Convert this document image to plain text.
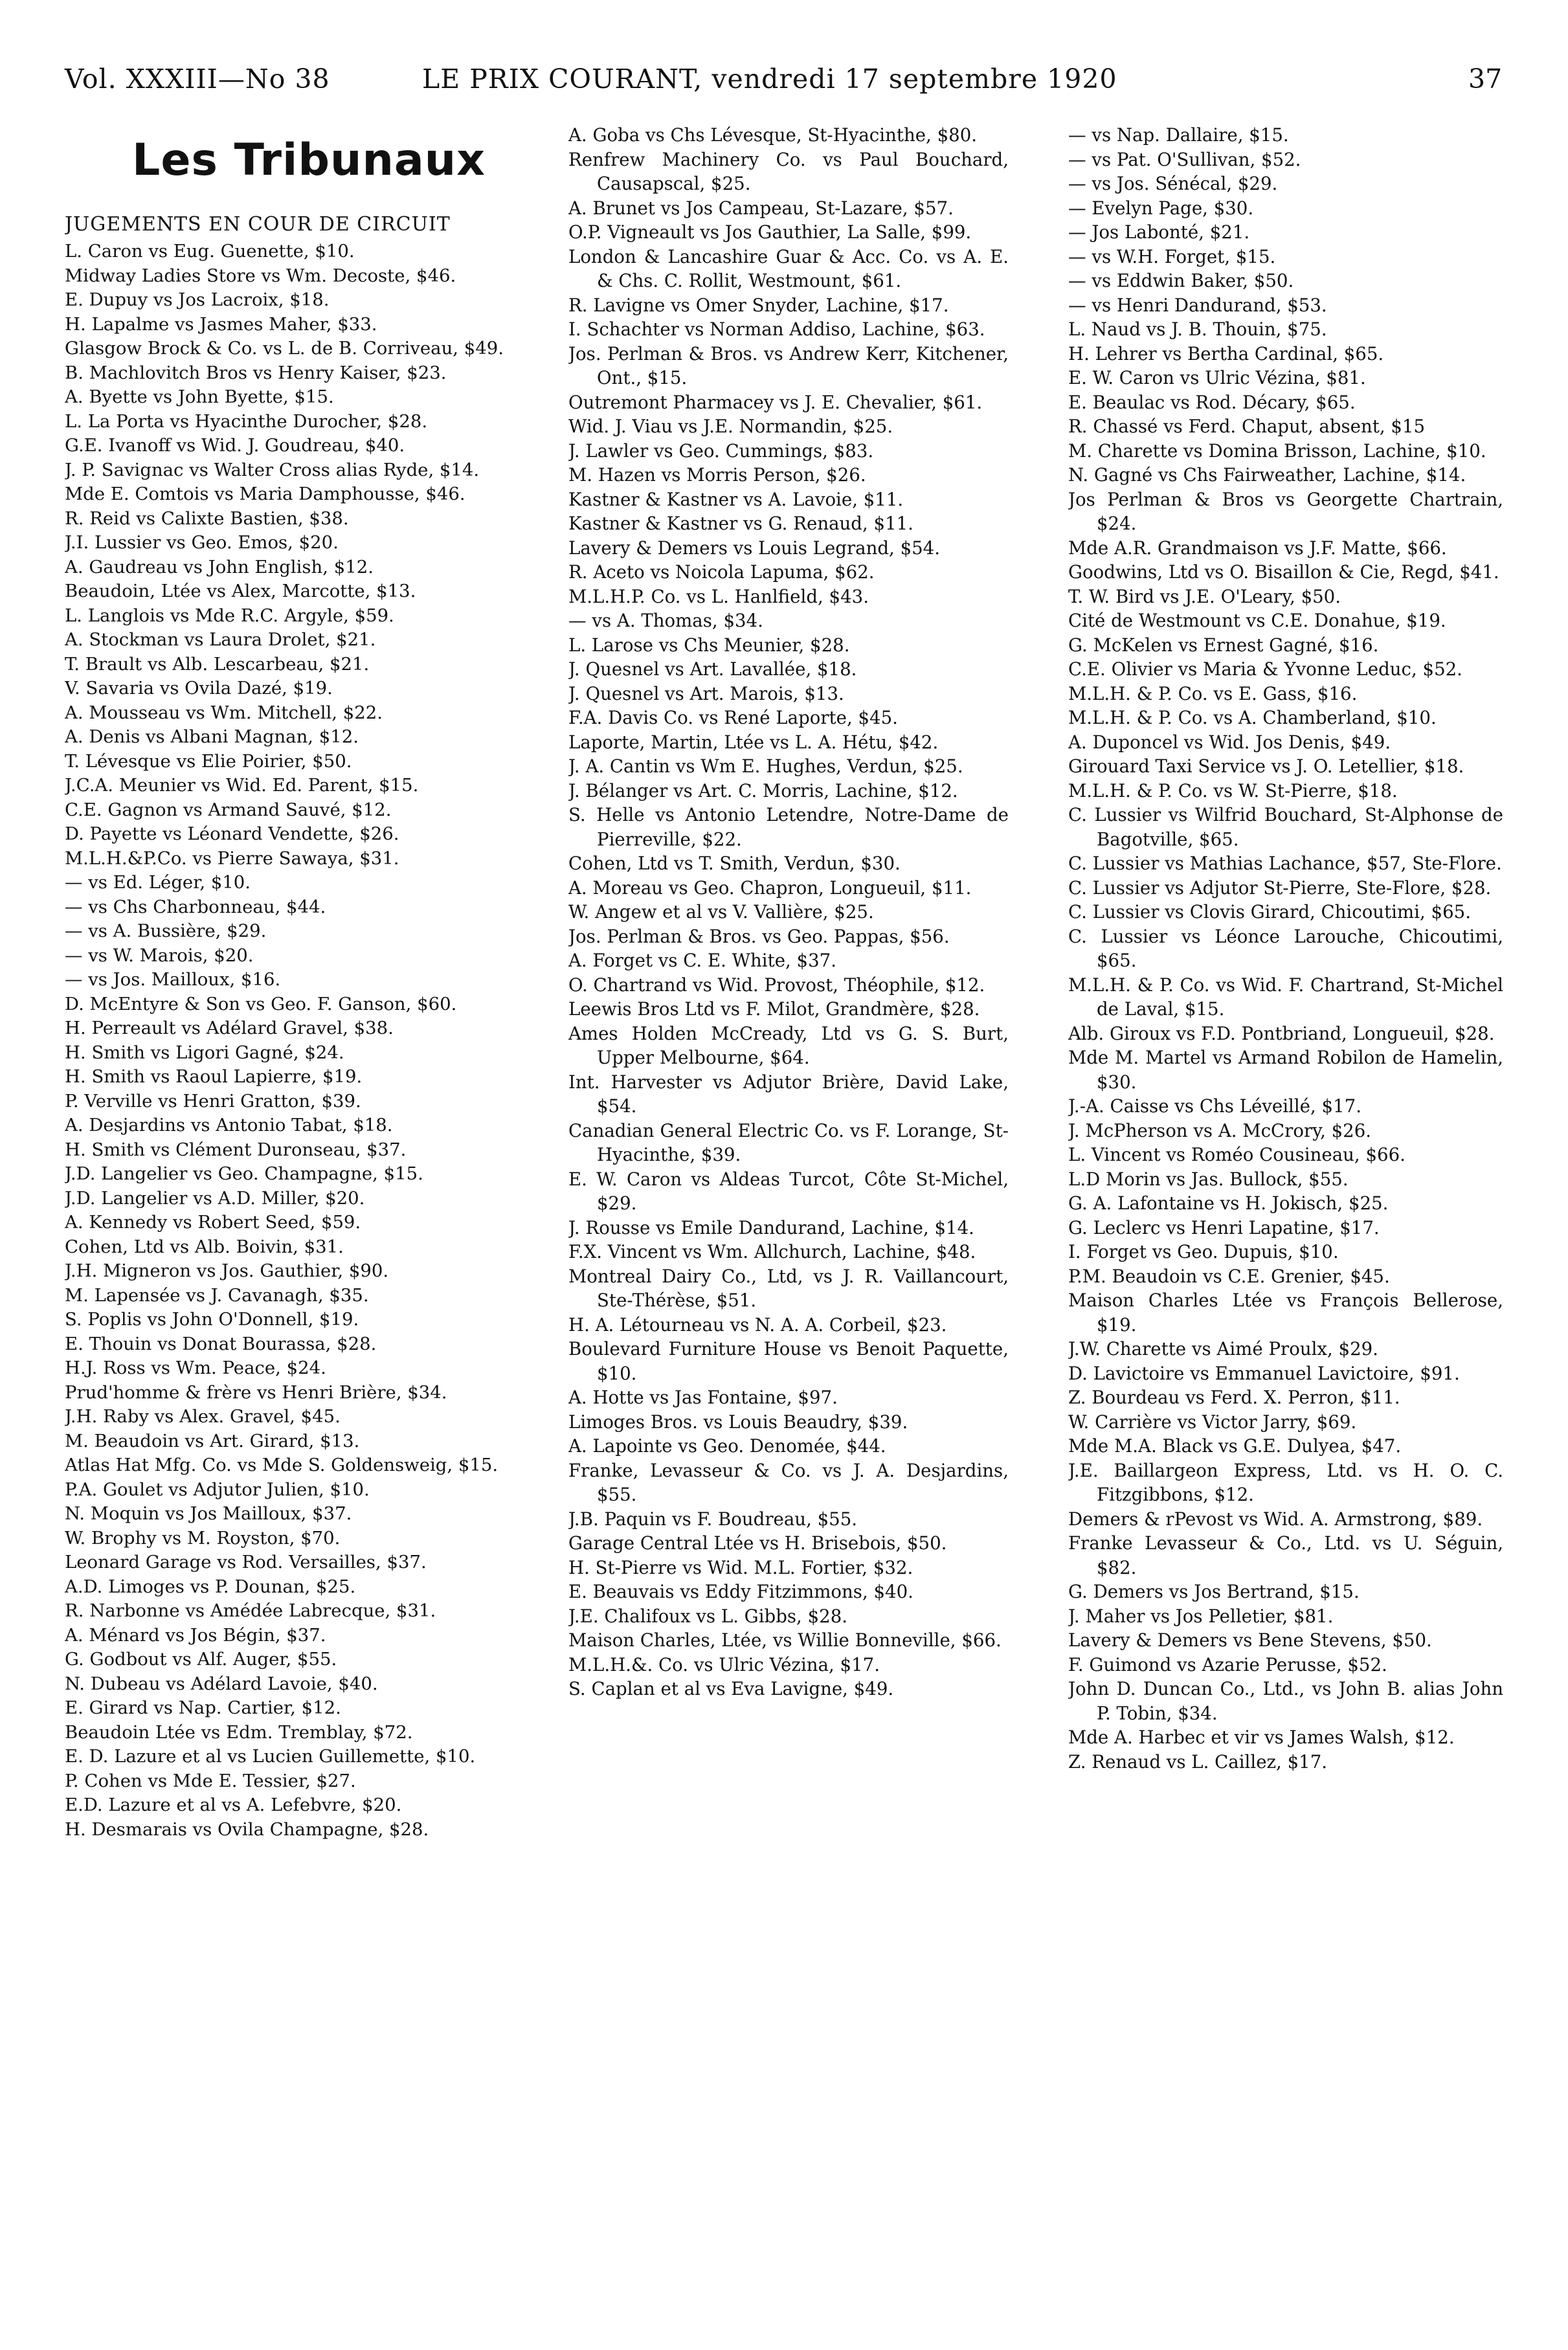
Vol. XXXIII—No 38	LE PRIX COURANT, vendredi 17 septembre 1920	37
Les Tribunaux
JUGEMENTS EN COUR DE CIRCUIT
L. Caron vs Eug. Guenette, $10.
Midway Ladies Store vs Wm. Decoste, $46.
E. Dupuy vs Jos Lacroix, $18.
H. Lapalme vs Jasmes Maher, $33.
Glasgow Brock & Co. vs L. de B. Corriveau, $49.
B. Machlovitch Bros vs Henry Kaiser, $23.
A. Byette vs John Byette, $15.
L. La Porta vs Hyacinthe Durocher, $28.
G.E. Ivanoff vs Wid. J. Goudreau, $40.
J. P. Savignac vs Walter Cross alias Ryde, $14.
Mde E. Comtois vs Maria Damphousse, $46.
R. Reid vs Calixte Bastien, $38.
J.I. Lussier vs Geo. Emos, $20.
A. Gaudreau vs John English, $12.
Beaudoin, Ltée vs Alex, Marcotte, $13.
L. Langlois vs Mde R.C. Argyle, $59.
A. Stockman vs Laura Drolet, $21.
T. Brault vs Alb. Lescarbeau, $21.
V. Savaria vs Ovila Dazé, $19.
A. Mousseau vs Wm. Mitchell, $22.
A. Denis vs Albani Magnan, $12.
T. Lévesque vs Elie Poirier, $50.
J.C.A. Meunier vs Wid. Ed. Parent, $15.
C.E. Gagnon vs Armand Sauvé, $12.
D. Payette vs Léonard Vendette, $26.
M.L.H.&P.Co. vs Pierre Sawaya, $31.
— vs Ed. Léger, $10.
— vs Chs Charbonneau, $44.
— vs A. Bussière, $29.
— vs W. Marois, $20.
— vs Jos. Mailloux, $16.
D. McEntyre & Son vs Geo. F. Ganson, $60.
H. Perreault vs Adélard Gravel, $38.
H. Smith vs Ligori Gagné, $24.
H. Smith vs Raoul Lapierre, $19.
P. Verville vs Henri Gratton, $39.
A. Desjardins vs Antonio Tabat, $18.
H. Smith vs Clément Duronseau, $37.
J.D. Langelier vs Geo. Champagne, $15.
J.D. Langelier vs A.D. Miller, $20.
A. Kennedy vs Robert Seed, $59.
Cohen, Ltd vs Alb. Boivin, $31.
J.H. Migneron vs Jos. Gauthier, $90.
M. Lapensée vs J. Cavanagh, $35.
S. Poplis vs John O'Donnell, $19.
E. Thouin vs Donat Bourassa, $28.
H.J. Ross vs Wm. Peace, $24.
Prud'homme & frère vs Henri Brière, $34.
J.H. Raby vs Alex. Gravel, $45.
M. Beaudoin vs Art. Girard, $13.
Atlas Hat Mfg. Co. vs Mde S. Goldensweig, $15.
P.A. Goulet vs Adjutor Julien, $10.
N. Moquin vs Jos Mailloux, $37.
W. Brophy vs M. Royston, $70.
Leonard Garage vs Rod. Versailles, $37.
A.D. Limoges vs P. Dounan, $25.
R. Narbonne vs Amédée Labrecque, $31.
A. Ménard vs Jos Bégin, $37.
G. Godbout vs Alf. Auger, $55.
N. Dubeau vs Adélard Lavoie, $40.
E. Girard vs Nap. Cartier, $12.
Beaudoin Ltée vs Edm. Tremblay, $72.
E. D. Lazure et al vs Lucien Guillemette, $10.
P. Cohen vs Mde E. Tessier, $27.
E.D. Lazure et al vs A. Lefebvre, $20.
H. Desmarais vs Ovila Champagne, $28.
A. Goba vs Chs Lévesque, St-Hyacinthe, $80.
Renfrew Machinery Co. vs Paul Bouchard, Causapscal, $25.
A. Brunet vs Jos Campeau, St-Lazare, $57.
O.P. Vigneault vs Jos Gauthier, La Salle, $99.
London & Lancashire Guar & Acc. Co. vs A. E. & Chs. C. Rollit, Westmount, $61.
R. Lavigne vs Omer Snyder, Lachine, $17.
I. Schachter vs Norman Addiso, Lachine, $63.
Jos. Perlman & Bros. vs Andrew Kerr, Kitchener, Ont., $15.
Outremont Pharmacey vs J. E. Chevalier, $61.
Wid. J. Viau vs J.E. Normandin, $25.
J. Lawler vs Geo. Cummings, $83.
M. Hazen vs Morris Person, $26.
Kastner & Kastner vs A. Lavoie, $11.
Kastner & Kastner vs G. Renaud, $11.
Lavery & Demers vs Louis Legrand, $54.
R. Aceto vs Noicola Lapuma, $62.
M.L.H.P. Co. vs L. Hanlfield, $43.
— vs A. Thomas, $34.
L. Larose vs Chs Meunier, $28.
J. Quesnel vs Art. Lavallée, $18.
J. Quesnel vs Art. Marois, $13.
F.A. Davis Co. vs René Laporte, $45.
Laporte, Martin, Ltée vs L. A. Hétu, $42.
J. A. Cantin vs Wm E. Hughes, Verdun, $25.
J. Bélanger vs Art. C. Morris, Lachine, $12.
S. Helle vs Antonio Letendre, Notre-Dame de Pierreville, $22.
Cohen, Ltd vs T. Smith, Verdun, $30.
A. Moreau vs Geo. Chapron, Longueuil, $11.
W. Angew et al vs V. Vallière, $25.
Jos. Perlman & Bros. vs Geo. Pappas, $56.
A. Forget vs C. E. White, $37.
O. Chartrand vs Wid. Provost, Théophile, $12.
Leewis Bros Ltd vs F. Milot, Grandmère, $28.
Ames Holden McCready, Ltd vs G. S. Burt, Upper Melbourne, $64.
Int. Harvester vs Adjutor Brière, David Lake, $54.
Canadian General Electric Co. vs F. Lorange, St-Hyacinthe, $39.
E. W. Caron vs Aldeas Turcot, Côte St-Michel, $29.
J. Rousse vs Emile Dandurand, Lachine, $14.
F.X. Vincent vs Wm. Allchurch, Lachine, $48.
Montreal Dairy Co., Ltd, vs J. R. Vaillancourt, Ste-Thérèse, $51.
H. A. Létourneau vs N. A. A. Corbeil, $23.
Boulevard Furniture House vs Benoit Paquette, $10.
A. Hotte vs Jas Fontaine, $97.
Limoges Bros. vs Louis Beaudry, $39.
A. Lapointe vs Geo. Denomée, $44.
Franke, Levasseur & Co. vs J. A. Desjardins, $55.
J.B. Paquin vs F. Boudreau, $55.
Garage Central Ltée vs H. Brisebois, $50.
H. St-Pierre vs Wid. M.L. Fortier, $32.
E. Beauvais vs Eddy Fitzimmons, $40.
J.E. Chalifoux vs L. Gibbs, $28.
Maison Charles, Ltée, vs Willie Bonneville, $66.
M.L.H.&. Co. vs Ulric Vézina, $17.
S. Caplan et al vs Eva Lavigne, $49.
— vs Nap. Dallaire, $15.
— vs Pat. O'Sullivan, $52.
— vs Jos. Sénécal, $29.
— Evelyn Page, $30.
— Jos Labonté, $21.
— vs W.H. Forget, $15.
— vs Eddwin Baker, $50.
— vs Henri Dandurand, $53.
L. Naud vs J. B. Thouin, $75.
H. Lehrer vs Bertha Cardinal, $65.
E. W. Caron vs Ulric Vézina, $81.
E. Beaulac vs Rod. Décary, $65.
R. Chassé vs Ferd. Chaput, absent, $15
M. Charette vs Domina Brisson, Lachine, $10.
N. Gagné vs Chs Fairweather, Lachine, $14.
Jos Perlman & Bros vs Georgette Chartrain, $24.
Mde A.R. Grandmaison vs J.F. Matte, $66.
Goodwins, Ltd vs O. Bisaillon & Cie, Regd, $41.
T. W. Bird vs J.E. O'Leary, $50.
Cité de Westmount vs C.E. Donahue, $19.
G. McKelen vs Ernest Gagné, $16.
C.E. Olivier vs Maria & Yvonne Leduc, $52.
M.L.H. & P. Co. vs E. Gass, $16.
M.L.H. & P. Co. vs A. Chamberland, $10.
A. Duponcel vs Wid. Jos Denis, $49.
Girouard Taxi Service vs J. O. Letellier, $18.
M.L.H. & P. Co. vs W. St-Pierre, $18.
C. Lussier vs Wilfrid Bouchard, St-Alphonse de Bagotville, $65.
C. Lussier vs Mathias Lachance, $57, Ste-Flore.
C. Lussier vs Adjutor St-Pierre, Ste-Flore, $28.
C. Lussier vs Clovis Girard, Chicoutimi, $65.
C. Lussier vs Léonce Larouche, Chicoutimi, $65.
M.L.H. & P. Co. vs Wid. F. Chartrand, St-Michel de Laval, $15.
Alb. Giroux vs F.D. Pontbriand, Longueuil, $28.
Mde M. Martel vs Armand Robilon de Hamelin, $30.
J.-A. Caisse vs Chs Léveillé, $17.
J. McPherson vs A. McCrory, $26.
L. Vincent vs Roméo Cousineau, $66.
L.D Morin vs Jas. Bullock, $55.
G. A. Lafontaine vs H. Jokisch, $25.
G. Leclerc vs Henri Lapatine, $17.
I. Forget vs Geo. Dupuis, $10.
P.M. Beaudoin vs C.E. Grenier, $45.
Maison Charles Ltée vs François Bellerose, $19.
J.W. Charette vs Aimé Proulx, $29.
D. Lavictoire vs Emmanuel Lavictoire, $91.
Z. Bourdeau vs Ferd. X. Perron, $11.
W. Carrière vs Victor Jarry, $69.
Mde M.A. Black vs G.E. Dulyea, $47.
J.E. Baillargeon Express, Ltd. vs H. O. C. Fitzgibbons, $12.
Demers & rPevost vs Wid. A. Armstrong, $89.
Franke Levasseur & Co., Ltd. vs U. Séguin, $82.
G. Demers vs Jos Bertrand, $15.
J. Maher vs Jos Pelletier, $81.
Lavery & Demers vs Bene Stevens, $50.
F. Guimond vs Azarie Perusse, $52.
John D. Duncan Co., Ltd., vs John B. alias John P. Tobin, $34.
Mde A. Harbec et vir vs James Walsh, $12.
Z. Renaud vs L. Caillez, $17.
